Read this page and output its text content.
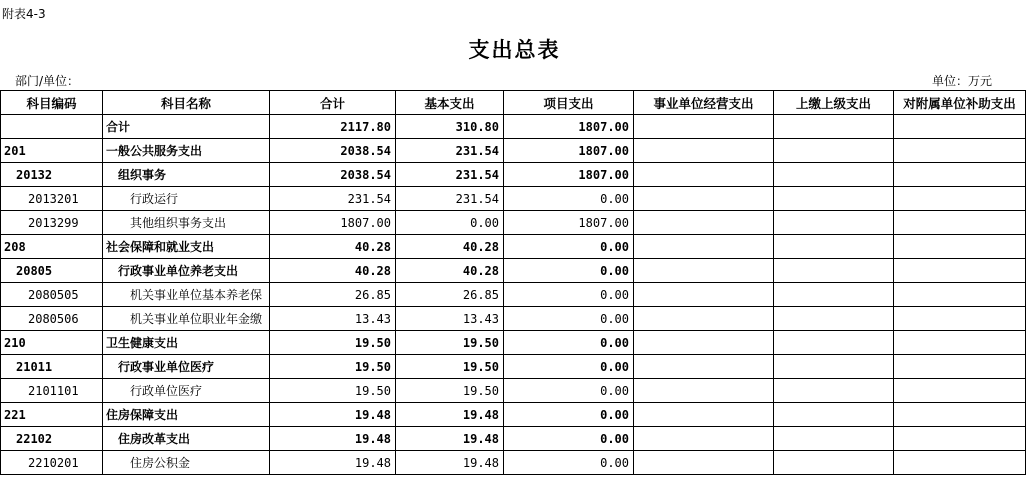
附表4-3
支出总表
部门/单位：	单位：万元
科目编码	科目名称	合计	基本支出	项目支出	事业单位经营支出	上缴上级支出	对附属单位补助支出
	合计	2117.80	310.80	1807.00			
201	一般公共服务支出	2038.54	231.54	1807.00			
20132	组织事务	2038.54	231.54	1807.00			
2013201	行政运行	231.54	231.54	0.00			
2013299	其他组织事务支出	1807.00	0.00	1807.00			
208	社会保障和就业支出	40.28	40.28	0.00			
20805	行政事业单位养老支出	40.28	40.28	0.00			
2080505	机关事业单位基本养老保	26.85	26.85	0.00			
2080506	机关事业单位职业年金缴	13.43	13.43	0.00			
210	卫生健康支出	19.50	19.50	0.00			
21011	行政事业单位医疗	19.50	19.50	0.00			
2101101	行政单位医疗	19.50	19.50	0.00			
221	住房保障支出	19.48	19.48	0.00			
22102	住房改革支出	19.48	19.48	0.00			
2210201	住房公积金	19.48	19.48	0.00			
